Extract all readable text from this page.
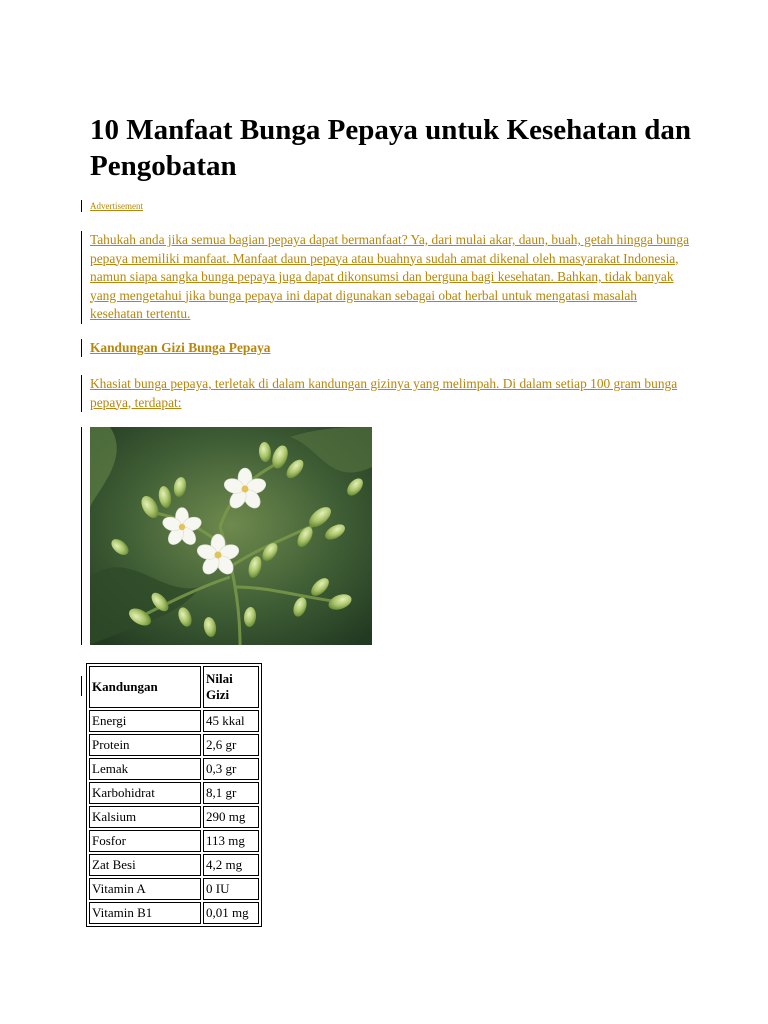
10 Manfaat Bunga Pepaya untuk Kesehatan dan Pengobatan
Advertisement
Tahukah anda jika semua bagian pepaya dapat bermanfaat? Ya, dari mulai akar, daun, buah, getah hingga bunga pepaya memiliki manfaat. Manfaat daun pepaya atau buahnya sudah amat dikenal oleh masyarakat Indonesia, namun siapa sangka bunga pepaya juga dapat dikonsumsi dan berguna bagi kesehatan. Bahkan, tidak banyak yang mengetahui jika bunga pepaya ini dapat digunakan sebagai obat herbal untuk mengatasi masalah kesehatan tertentu.
Kandungan Gizi Bunga Pepaya
Khasiat bunga pepaya, terletak di dalam kandungan gizinya yang melimpah. Di dalam setiap 100 gram bunga pepaya, terdapat:
Kandungan	Nilai Gizi
Energi	45 kkal
Protein	2,6 gr
Lemak	0,3 gr
Karbohidrat	8,1 gr
Kalsium	290 mg
Fosfor	113 mg
Zat Besi	4,2 mg
Vitamin A	0 IU
Vitamin B1	0,01 mg
